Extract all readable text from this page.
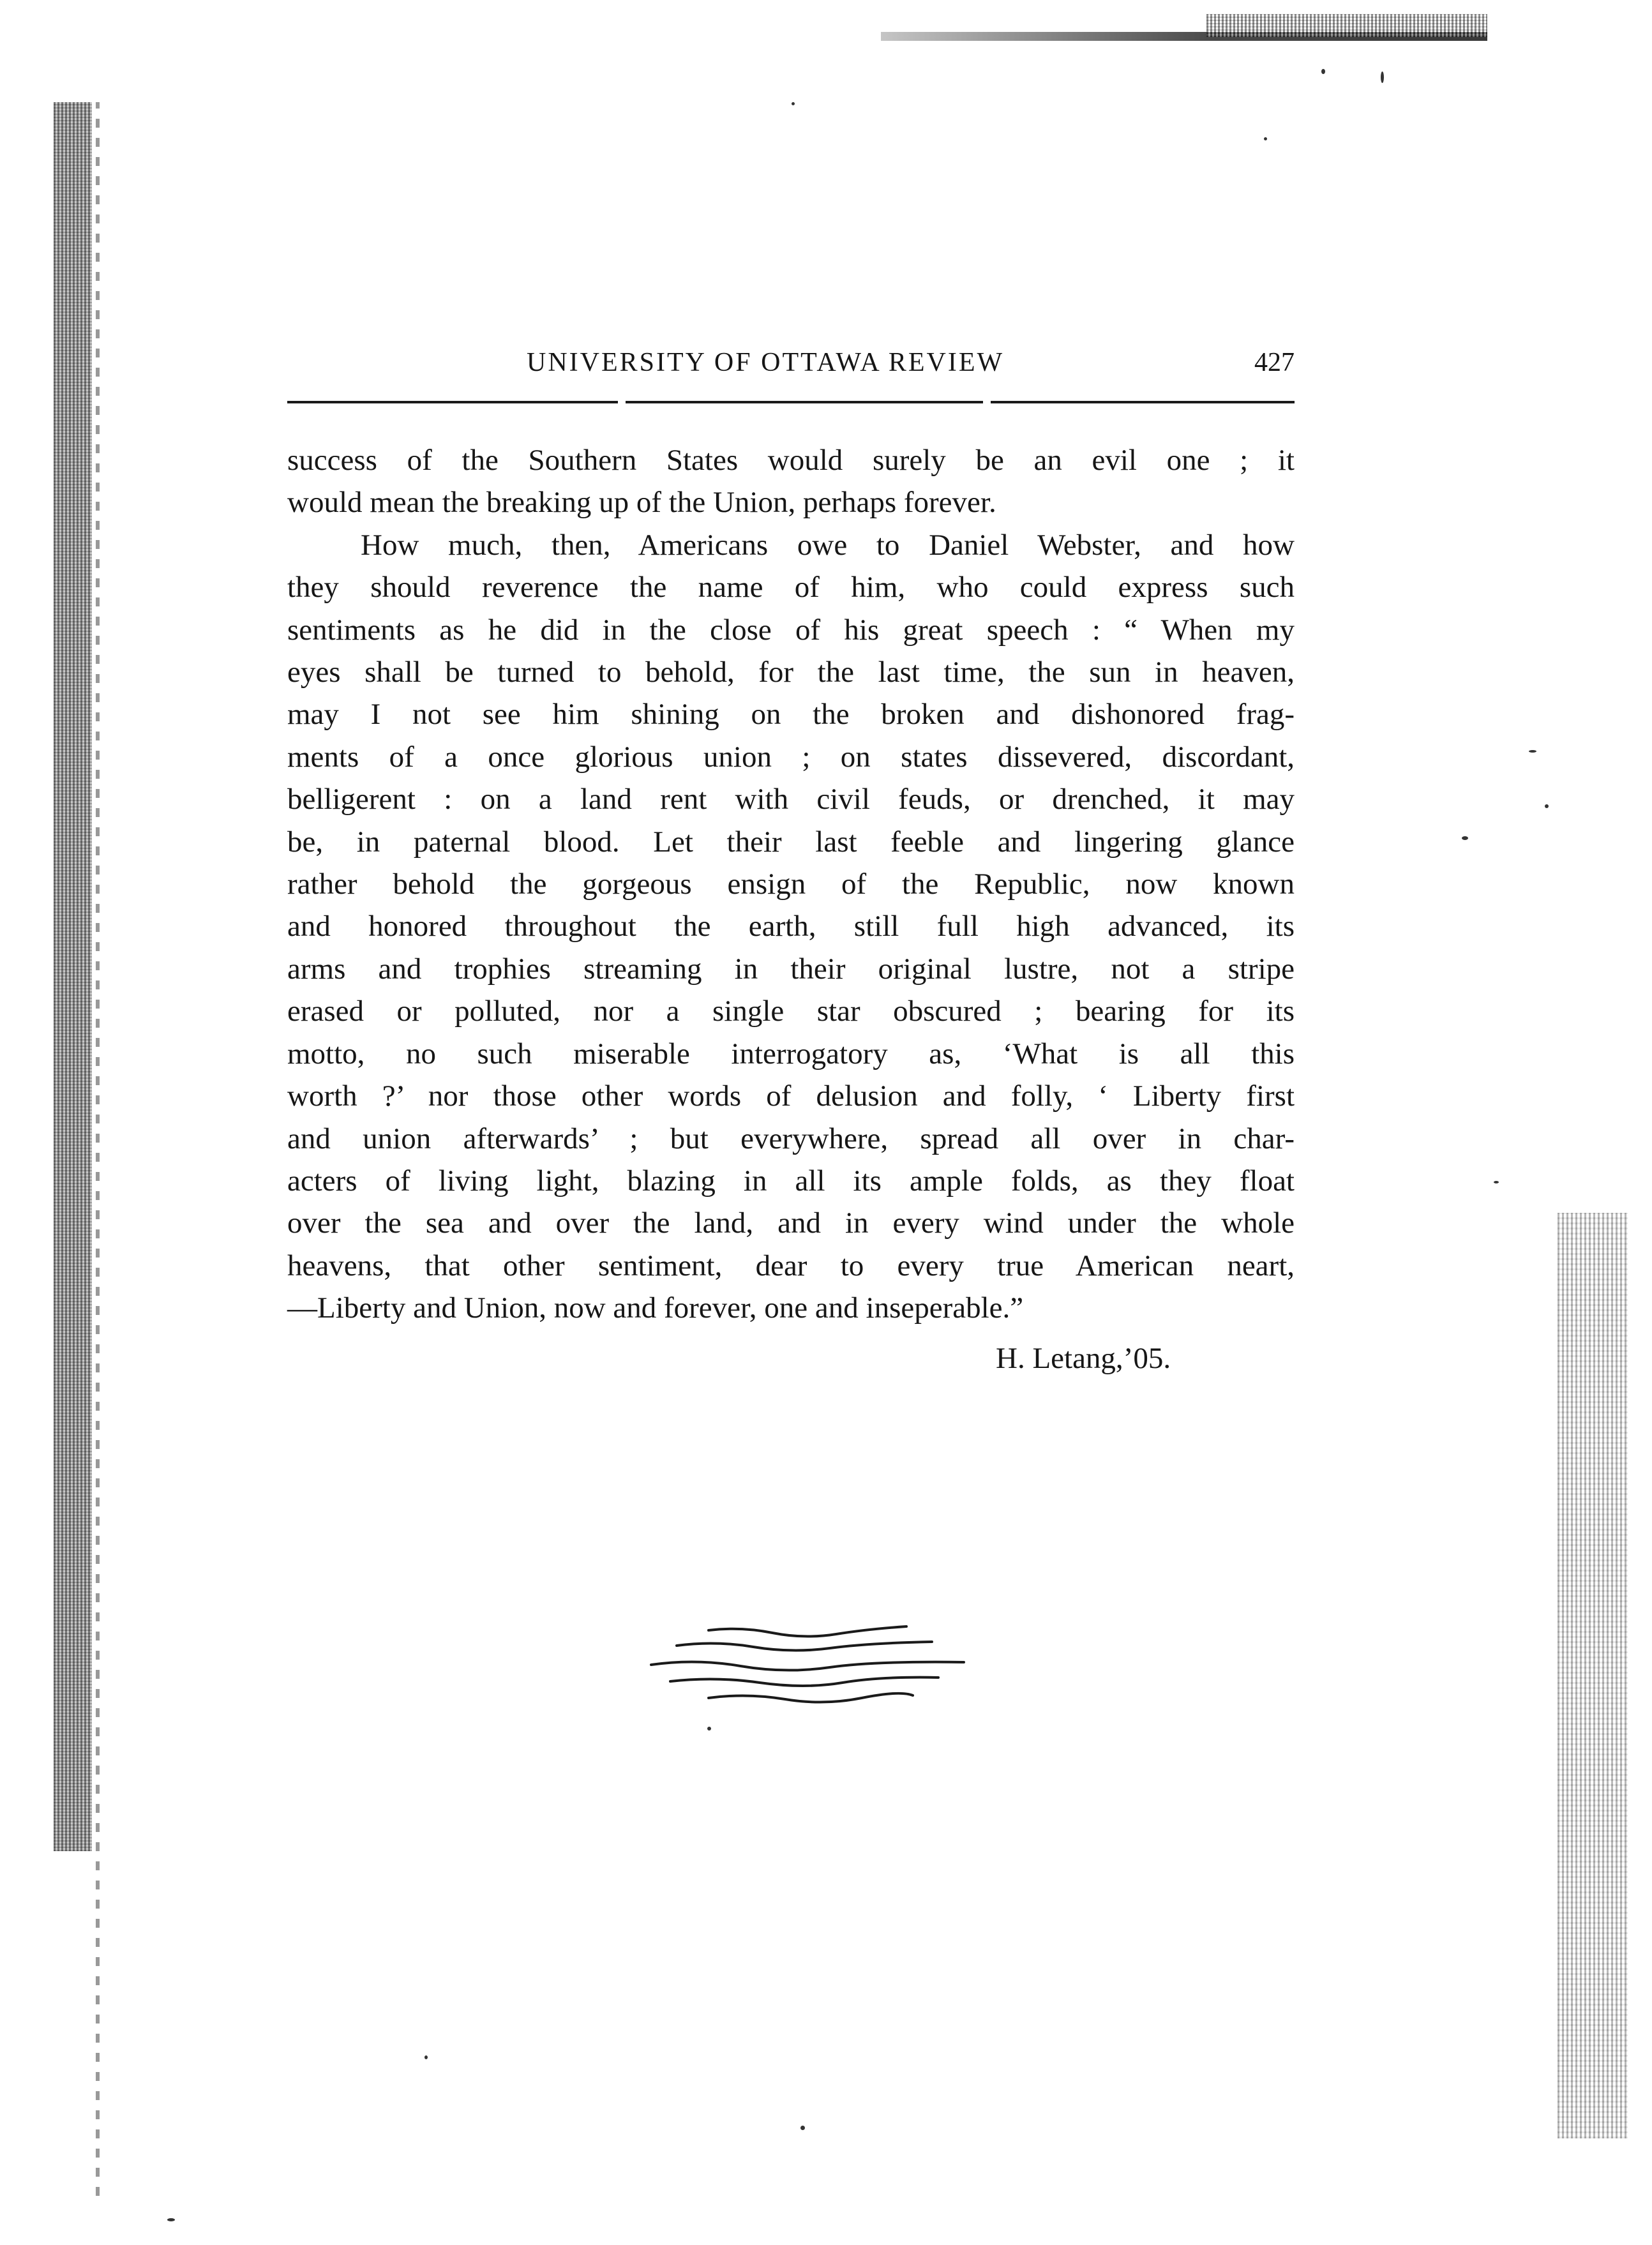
UNIVERSITY OF OTTAWA REVIEW	427

success of the Southern States would surely be an evil one ; it

would mean the breaking up of the Union, perhaps forever.

How much, then, Americans owe to Daniel Webster, and how

they should reverence the name of him, who could express such

sentiments as he did in the close of his great speech : “ When my

eyes shall be turned to behold, for the last time, the sun in heaven,

may I not see him shining on the broken and dishonored frag-

ments of a once glorious union ; on states dissevered, discordant,

belligerent : on a land rent with civil feuds, or drenched, it may

be, in paternal blood. Let their last feeble and lingering glance

rather behold the gorgeous ensign of the Republic, now known

and honored throughout the earth, still full high advanced, its

arms and trophies streaming in their original lustre, not a stripe

erased or polluted, nor a single star obscured ; bearing for its

motto, no such miserable interrogatory as, ‘What is all this

worth ?’ nor those other words of delusion and folly, ‘ Liberty first

and union afterwards’ ; but everywhere, spread all over in char-

acters of living light, blazing in all its ample folds, as they float

over the sea and over the land, and in every wind under the whole

heavens, that other sentiment, dear to every true American neart,

—Liberty and Union, now and forever, one and inseperable.”

H. Letang,’05.
